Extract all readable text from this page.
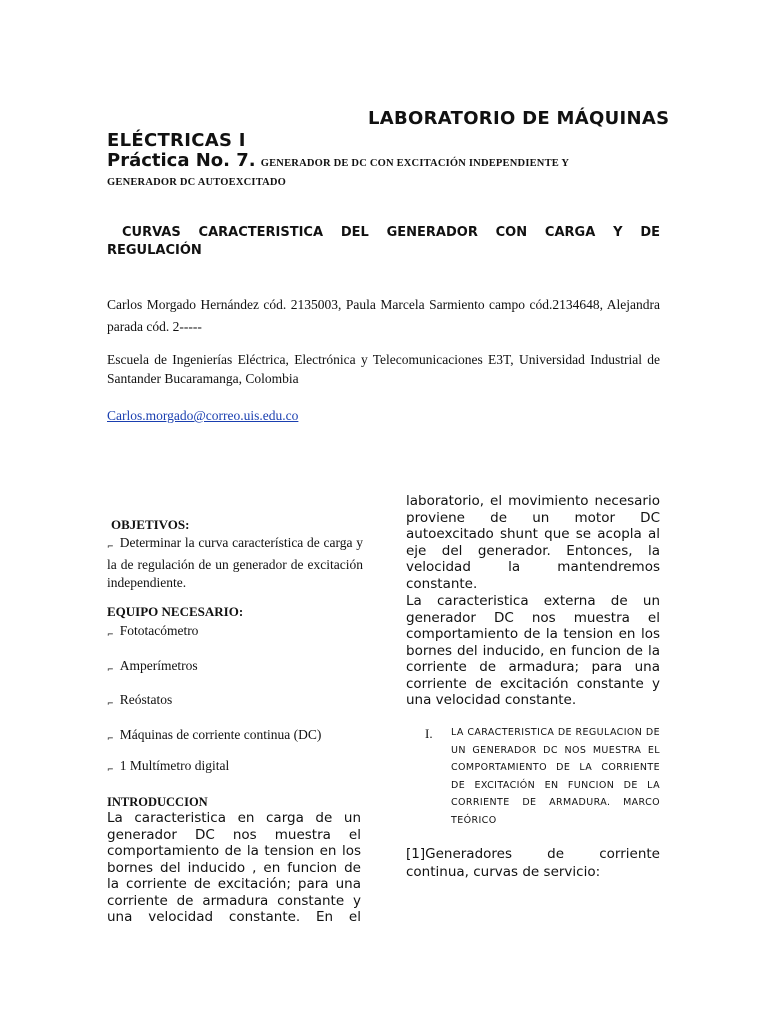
LABORATORIO DE MÁQUINAS
ELÉCTRICAS I
Práctica No. 7. GENERADOR DE DC CON EXCITACIÓN INDEPENDIENTE Y
GENERADOR DC AUTOEXCITADO
CURVAS CARACTERISTICA DEL GENERADOR CON CARGA Y DE REGULACIÓN
Carlos Morgado Hernández cód. 2135003, Paula Marcela Sarmiento campo cód.2134648, Alejandra parada cód. 2-----
Escuela de Ingenierías Eléctrica, Electrónica y Telecomunicaciones E3T, Universidad Industrial de Santander Bucaramanga, Colombia
Carlos.morgado@correo.uis.edu.co
OBJETIVOS:
⌐ Determinar la curva característica de carga y la de regulación de un generador de excitación independiente.
EQUIPO NECESARIO:
⌐ Fototacómetro
⌐ Amperímetros
⌐ Reóstatos
⌐ Máquinas de corriente continua (DC)
⌐ 1 Multímetro digital
INTRODUCCION
La caracteristica en carga de un generador DC nos muestra el comportamiento de la tension en los bornes del inducido , en funcion de la corriente de excitación; para una corriente de armadura constante y una velocidad constante. En el
laboratorio, el movimiento necesario proviene de un motor DC autoexcitado shunt que se acopla al eje del generador. Entonces, la velocidad la mantendremos constante.
La caracteristica externa de un generador DC nos muestra el comportamiento de la tension en los bornes del inducido, en funcion de la corriente de armadura; para una corriente de excitación constante y una velocidad constante.
I. LA CARACTERISTICA DE REGULACION DE UN GENERADOR DC NOS MUESTRA EL COMPORTAMIENTO DE LA CORRIENTE DE EXCITACIÓN EN FUNCION DE LA CORRIENTE DE ARMADURA. MARCO TEÓRICO
[1]Generadores de corriente continua, curvas de servicio:
